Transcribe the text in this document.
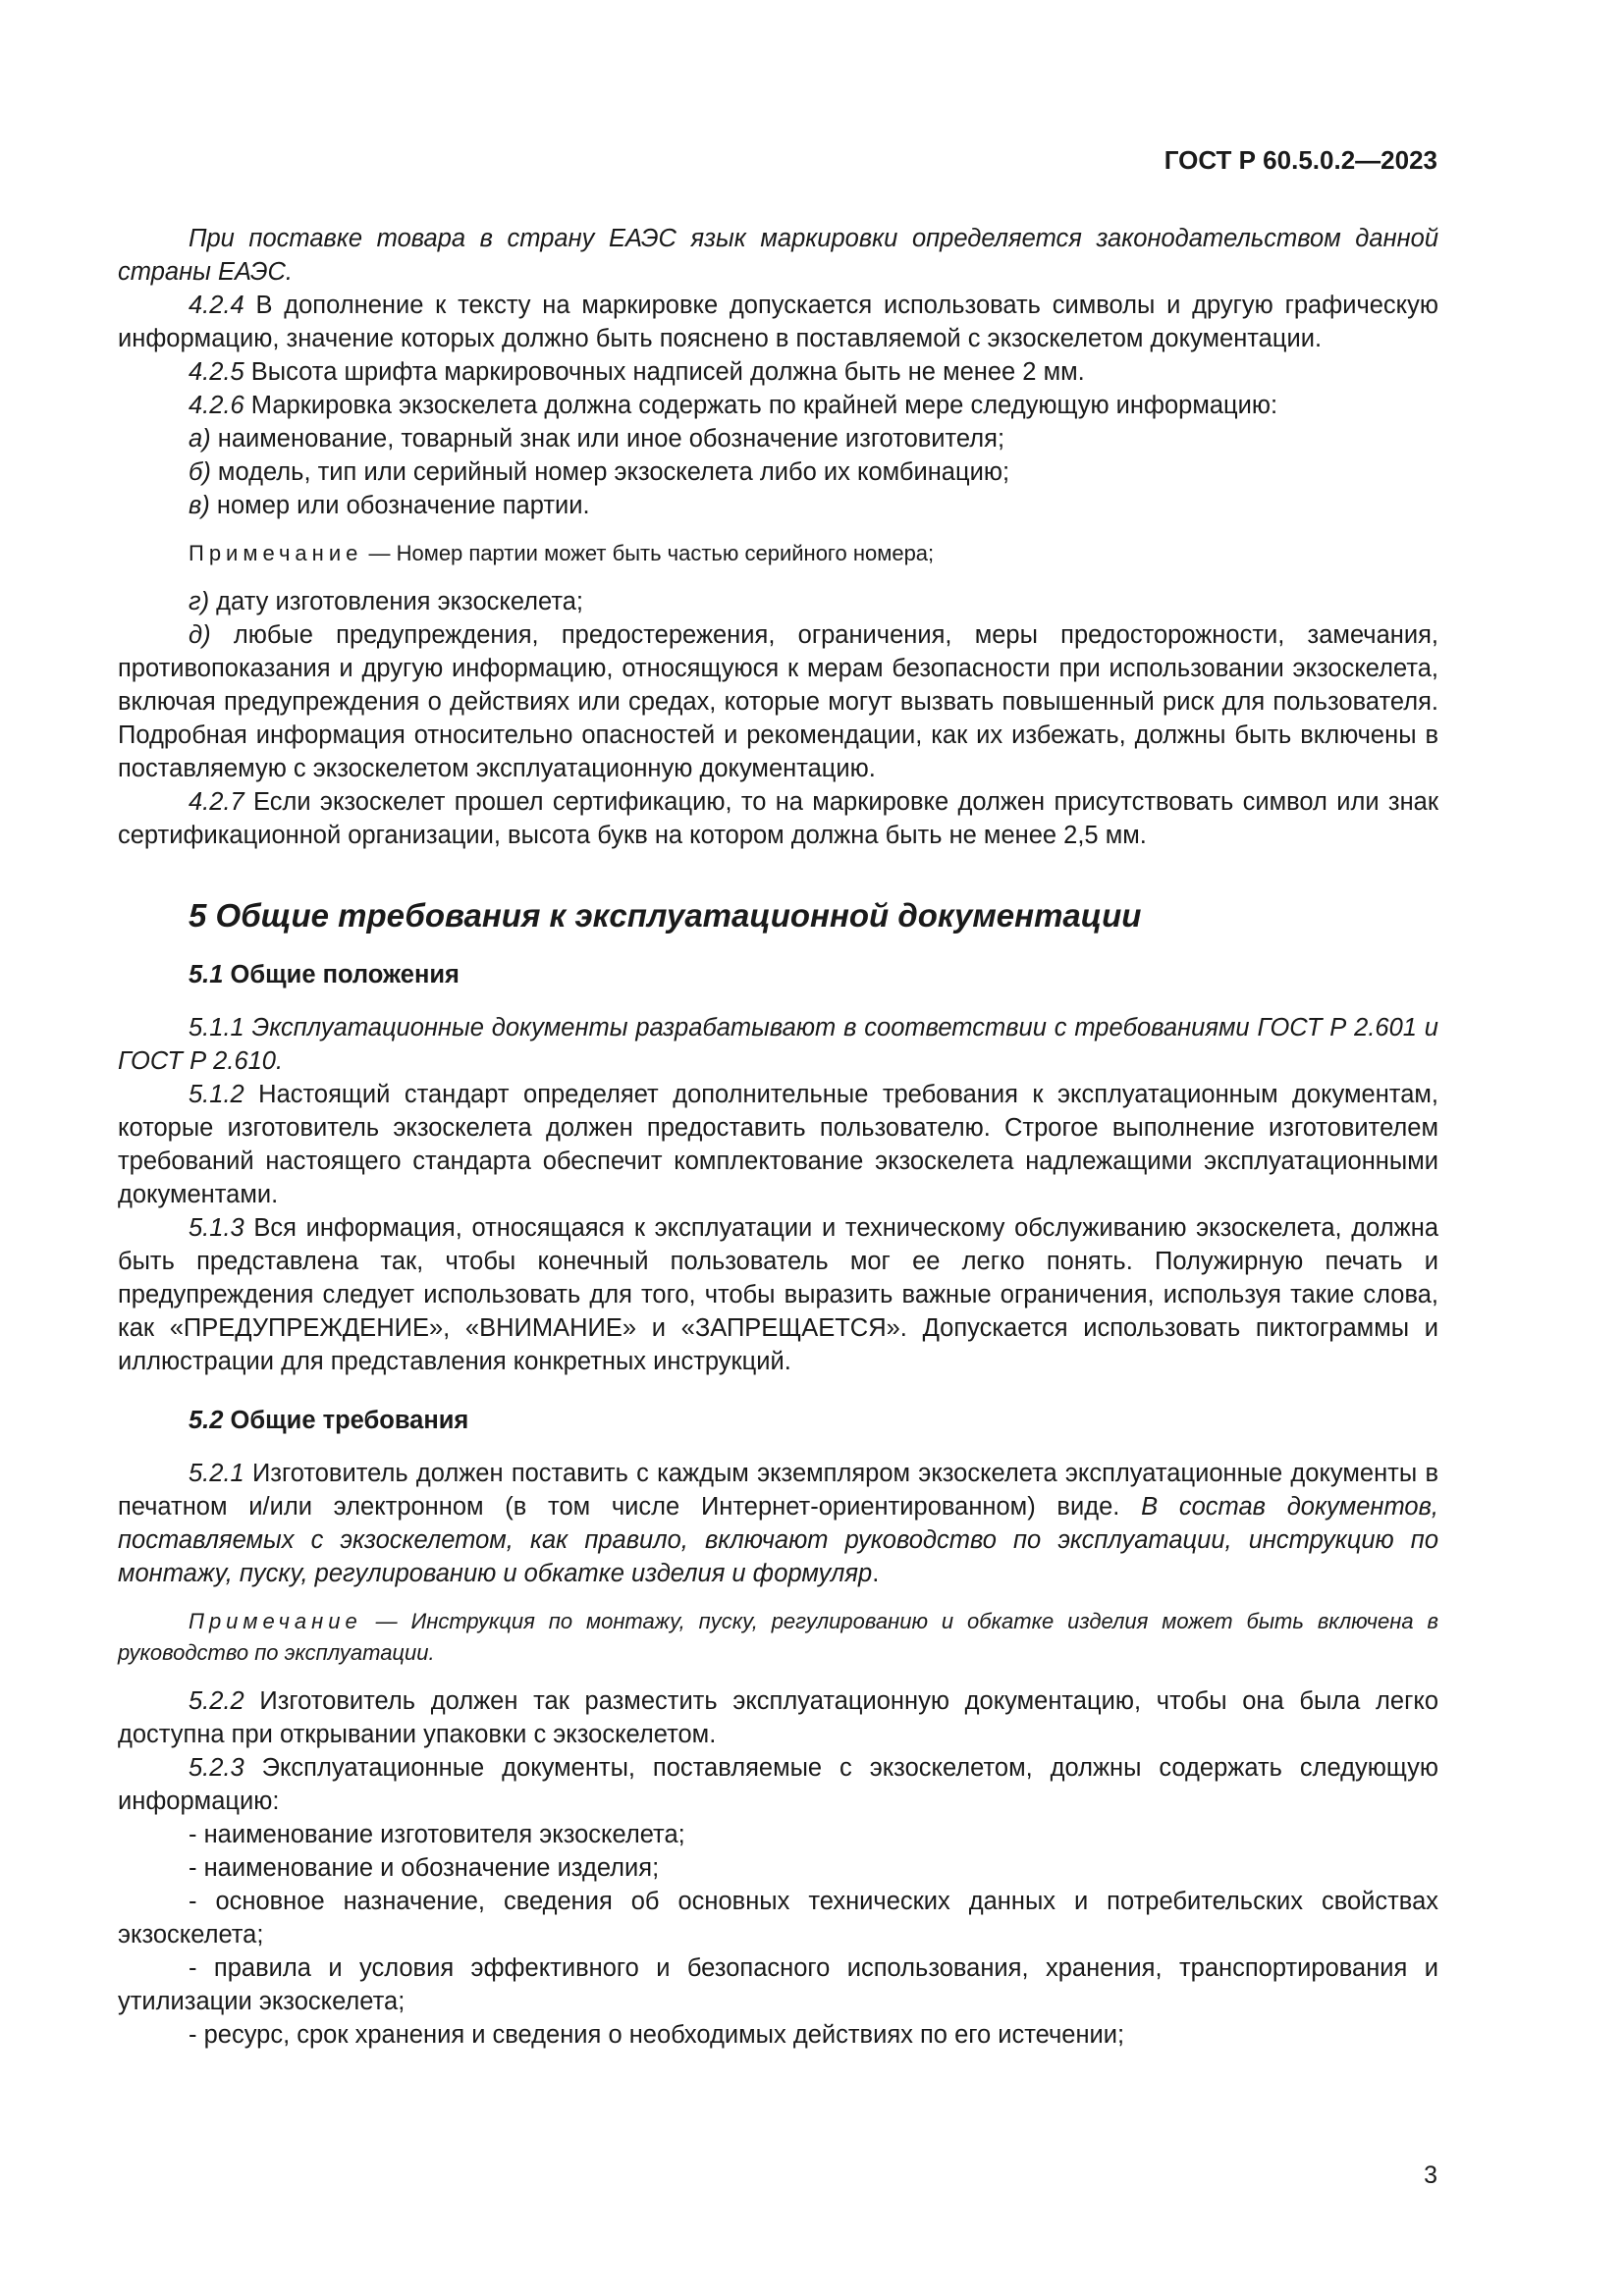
ГОСТ Р 60.5.0.2—2023

При поставке товара в страну ЕАЭС язык маркировки определяется законодательством данной страны ЕАЭС.

4.2.4 В дополнение к тексту на маркировке допускается использовать символы и другую графическую информацию, значение которых должно быть пояснено в поставляемой с экзоскелетом документации.

4.2.5 Высота шрифта маркировочных надписей должна быть не менее 2 мм.

4.2.6 Маркировка экзоскелета должна содержать по крайней мере следующую информацию:

а) наименование, товарный знак или иное обозначение изготовителя;

б) модель, тип или серийный номер экзоскелета либо их комбинацию;

в) номер или обозначение партии.

Примечание — Номер партии может быть частью серийного номера;

г) дату изготовления экзоскелета;

д) любые предупреждения, предостережения, ограничения, меры предосторожности, замечания, противопоказания и другую информацию, относящуюся к мерам безопасности при использовании экзоскелета, включая предупреждения о действиях или средах, которые могут вызвать повышенный риск для пользователя. Подробная информация относительно опасностей и рекомендации, как их избежать, должны быть включены в поставляемую с экзоскелетом эксплуатационную документацию.

4.2.7 Если экзоскелет прошел сертификацию, то на маркировке должен присутствовать символ или знак сертификационной организации, высота букв на котором должна быть не менее 2,5 мм.

5 Общие требования к эксплуатационной документации
5.1 Общие положения

5.1.1 Эксплуатационные документы разрабатывают в соответствии с требованиями ГОСТ Р 2.601 и ГОСТ Р 2.610.

5.1.2 Настоящий стандарт определяет дополнительные требования к эксплуатационным документам, которые изготовитель экзоскелета должен предоставить пользователю. Строгое выполнение изготовителем требований настоящего стандарта обеспечит комплектование экзоскелета надлежащими эксплуатационными документами.

5.1.3 Вся информация, относящаяся к эксплуатации и техническому обслуживанию экзоскелета, должна быть представлена так, чтобы конечный пользователь мог ее легко понять. Полужирную печать и предупреждения следует использовать для того, чтобы выразить важные ограничения, используя такие слова, как «ПРЕДУПРЕЖДЕНИЕ», «ВНИМАНИЕ» и «ЗАПРЕЩАЕТСЯ». Допускается использовать пиктограммы и иллюстрации для представления конкретных инструкций.

5.2 Общие требования

5.2.1 Изготовитель должен поставить с каждым экземпляром экзоскелета эксплуатационные документы в печатном и/или электронном (в том числе Интернет-ориентированном) виде. В состав документов, поставляемых с экзоскелетом, как правило, включают руководство по эксплуатации, инструкцию по монтажу, пуску, регулированию и обкатке изделия и формуляр.

Примечание — Инструкция по монтажу, пуску, регулированию и обкатке изделия может быть включена в руководство по эксплуатации.

5.2.2 Изготовитель должен так разместить эксплуатационную документацию, чтобы она была легко доступна при открывании упаковки с экзоскелетом.

5.2.3 Эксплуатационные документы, поставляемые с экзоскелетом, должны содержать следующую информацию:

- наименование изготовителя экзоскелета;

- наименование и обозначение изделия;

- основное назначение, сведения об основных технических данных и потребительских свойствах экзоскелета;

- правила и условия эффективного и безопасного использования, хранения, транспортирования и утилизации экзоскелета;

- ресурс, срок хранения и сведения о необходимых действиях по его истечении;

3
